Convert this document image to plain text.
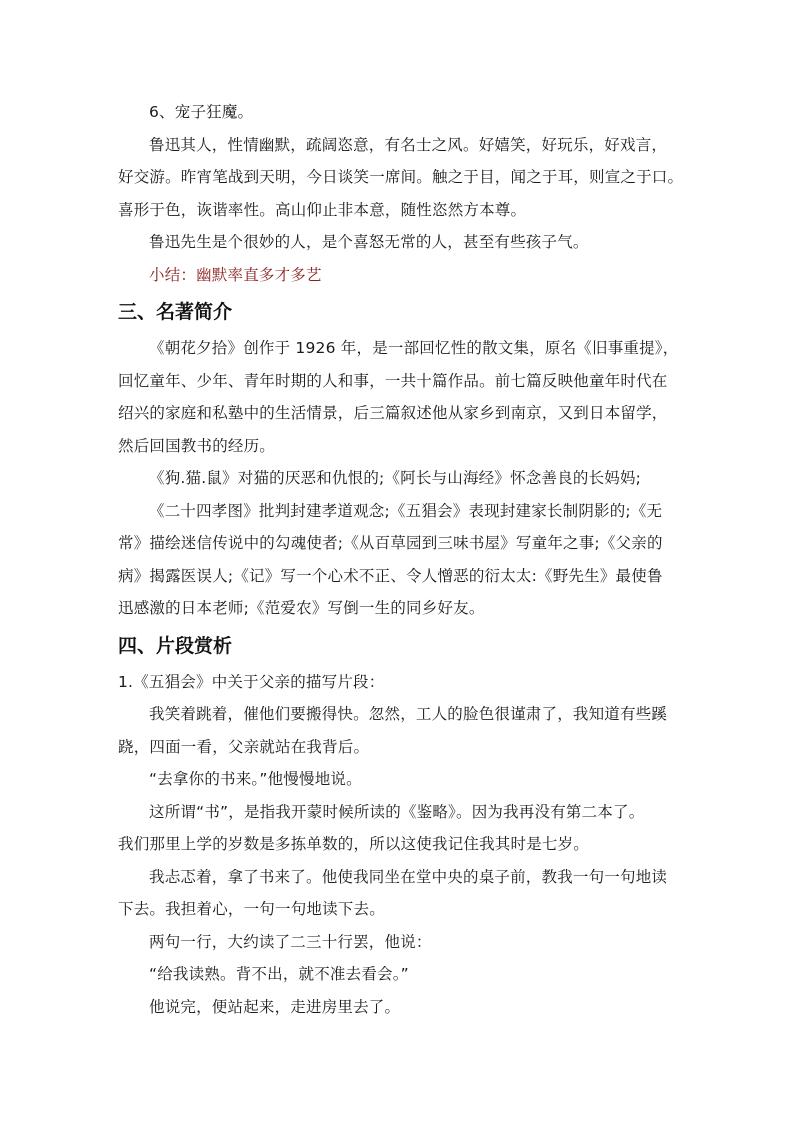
6、宠子狂魔。

鲁迅其人，性情幽默，疏阔恣意，有名士之风。好嬉笑，好玩乐，好戏言，

好交游。昨宵笔战到天明，今日谈笑一席间。触之于目，闻之于耳，则宣之于口。

喜形于色，诙谐率性。高山仰止非本意，随性恣然方本尊。

鲁迅先生是个很妙的人，是个喜怒无常的人，甚至有些孩子气。

小结：幽默率直多才多艺

三、名著简介

《朝花夕拾》创作于 1926 年，是一部回忆性的散文集，原名《旧事重提》，

回忆童年、少年、青年时期的人和事，一共十篇作品。前七篇反映他童年时代在

绍兴的家庭和私塾中的生活情景，后三篇叙述他从家乡到南京，又到日本留学，

然后回国教书的经历。

《狗.猫.鼠》对猫的厌恶和仇恨的;《阿长与山海经》怀念善良的长妈妈;

《二十四孝图》批判封建孝道观念;《五猖会》表现封建家长制阴影的;《无

常》描绘迷信传说中的勾魂使者;《从百草园到三味书屋》写童年之事;《父亲的

病》揭露医误人;《记》写一个心术不正、令人憎恶的衍太太:《野先生》最使鲁

迅感激的日本老师;《范爱农》写倒一生的同乡好友。

四、片段赏析

1.《五猖会》中关于父亲的描写片段：

我笑着跳着，催他们要搬得快。忽然，工人的脸色很谨肃了，我知道有些蹊

跷，四面一看，父亲就站在我背后。

“去拿你的书来。”他慢慢地说。

这所谓“书”，是指我开蒙时候所读的《鉴略》。因为我再没有第二本了。

我们那里上学的岁数是多拣单数的，所以这使我记住我其时是七岁。

我忐忑着，拿了书来了。他使我同坐在堂中央的桌子前，教我一句一句地读

下去。我担着心，一句一句地读下去。

两句一行，大约读了二三十行罢，他说：

“给我读熟。背不出，就不准去看会。”

他说完，便站起来，走进房里去了。
